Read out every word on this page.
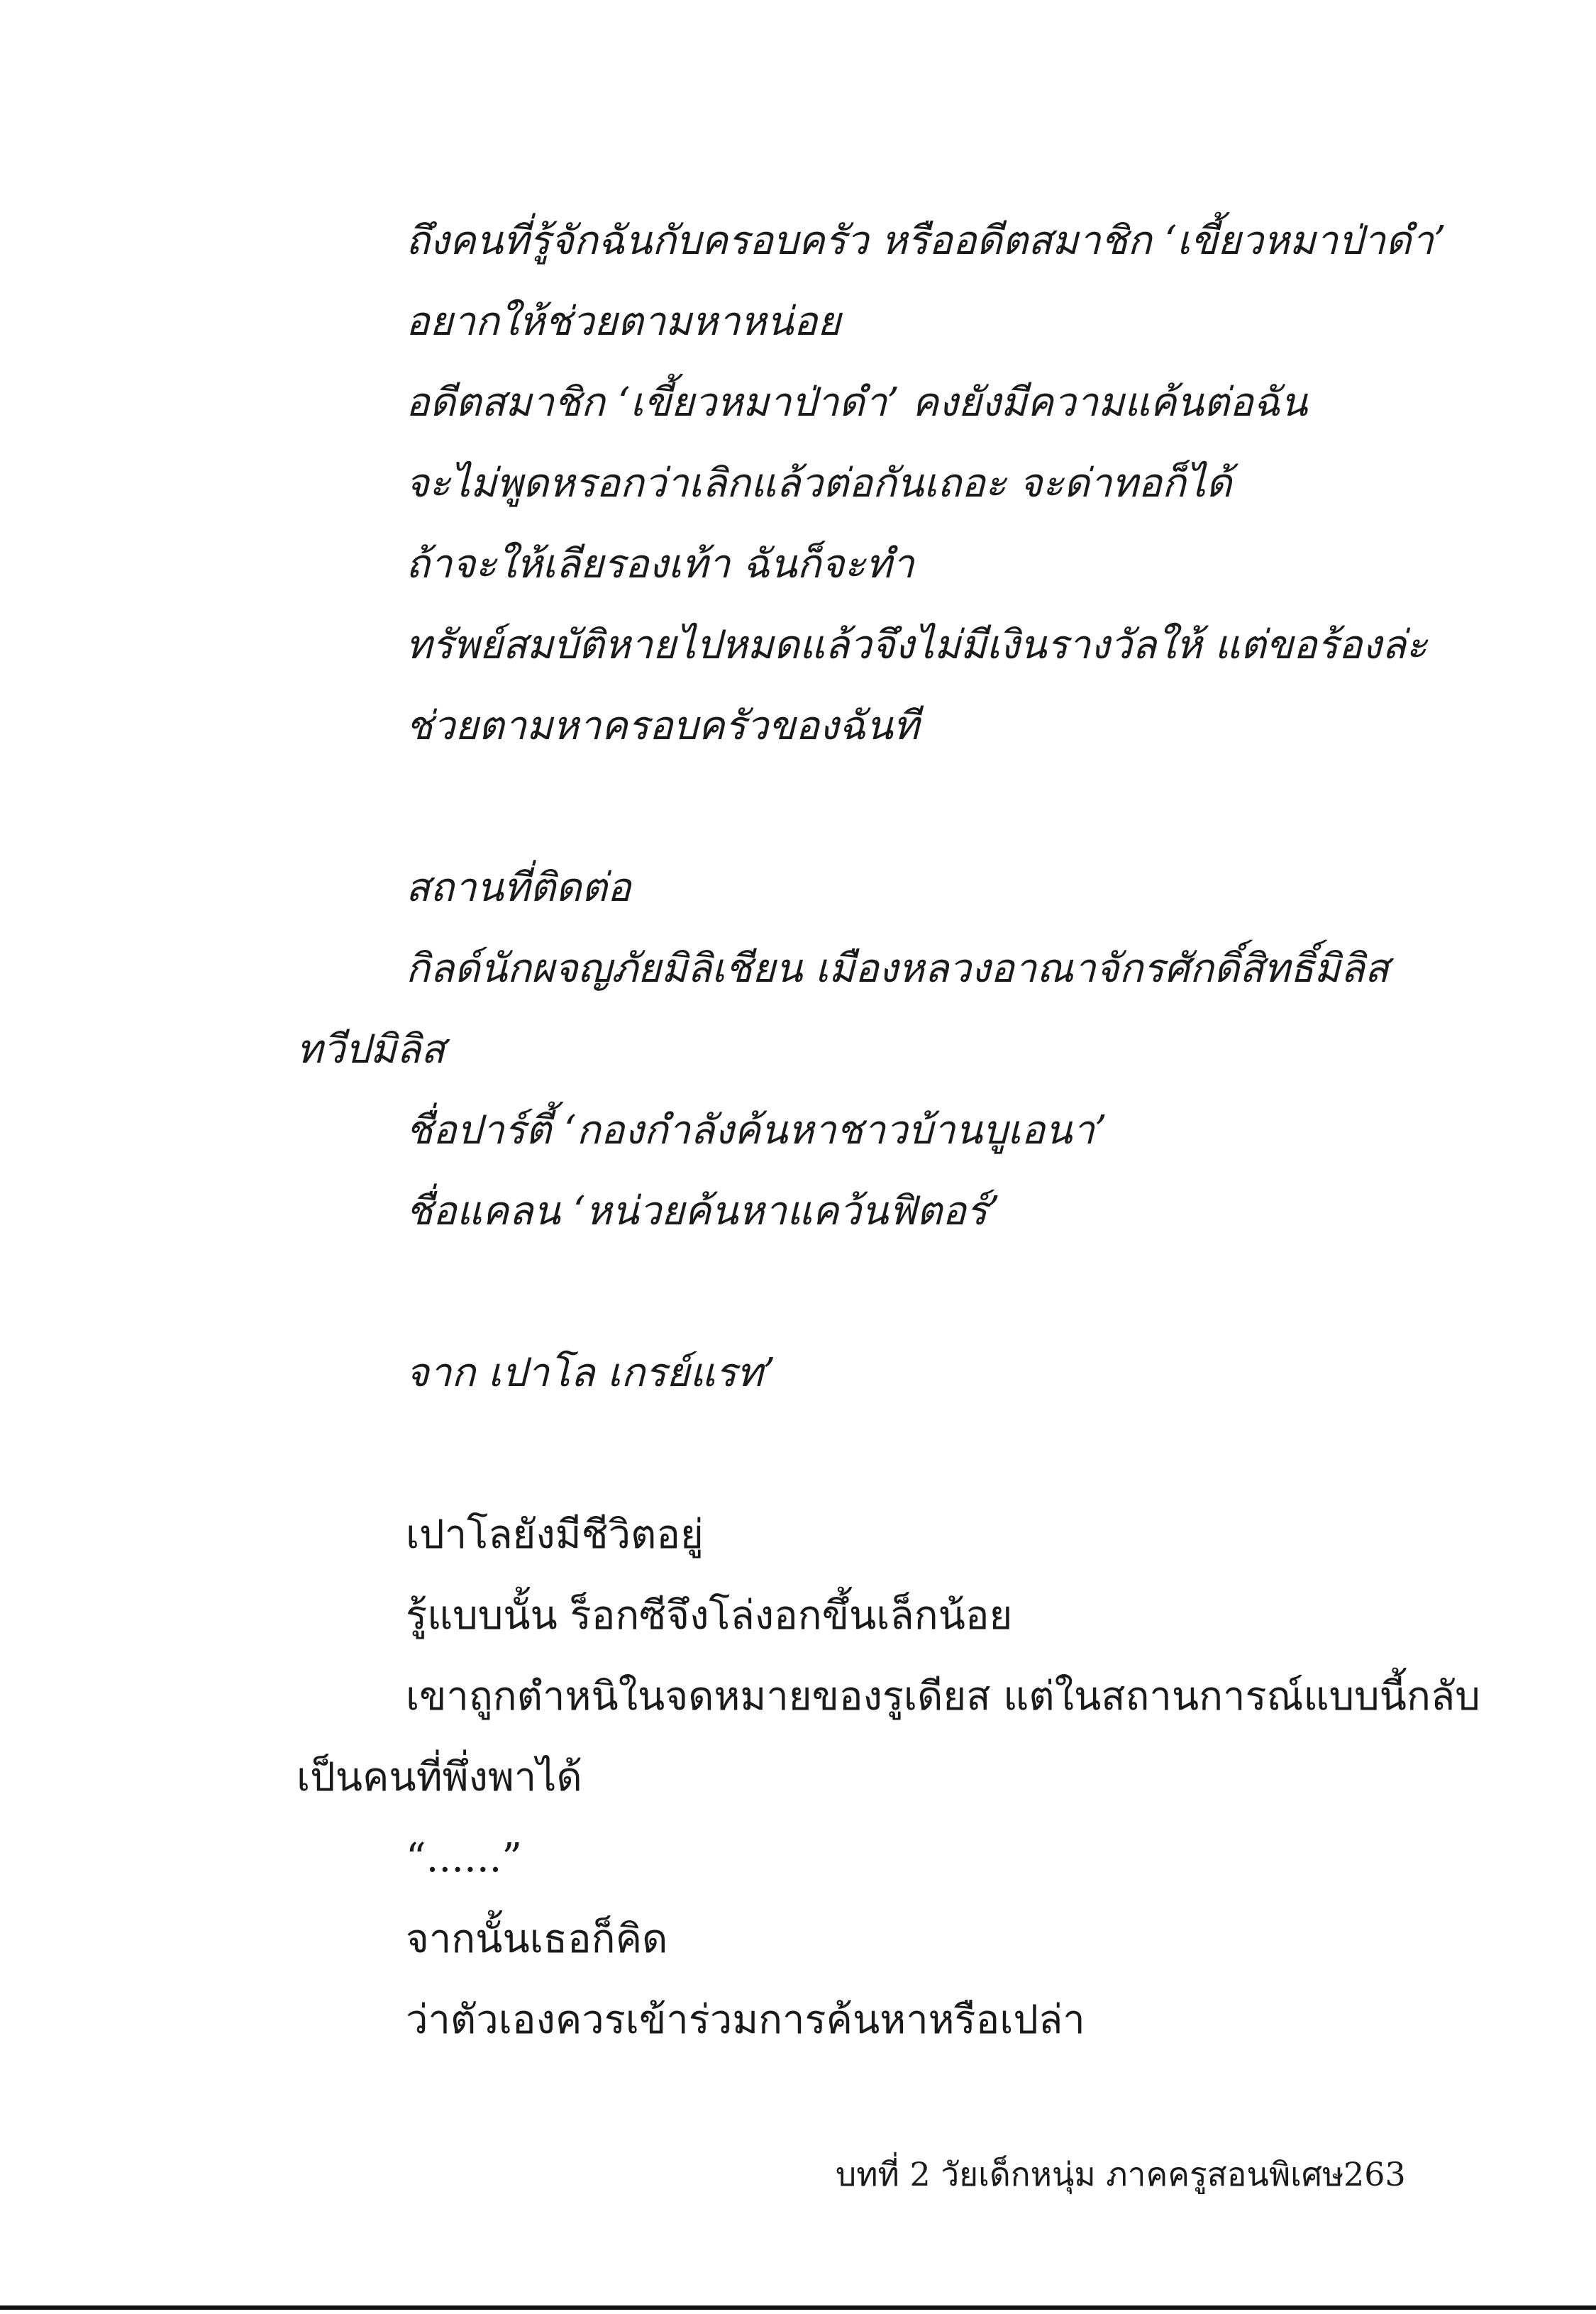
ถึงคนที่รู้จักฉันกับครอบครัว หรืออดีตสมาชิก ‘เขี้ยวหมาป่าดำ’
อยากให้ช่วยตามหาหน่อย
อดีตสมาชิก ‘เขี้ยวหมาป่าดำ’ คงยังมีความแค้นต่อฉัน
จะไม่พูดหรอกว่าเลิกแล้วต่อกันเถอะ จะด่าทอก็ได้
ถ้าจะให้เลียรองเท้า ฉันก็จะทำ
ทรัพย์สมบัติหายไปหมดแล้วจึงไม่มีเงินรางวัลให้ แต่ขอร้องล่ะ
ช่วยตามหาครอบครัวของฉันที
สถานที่ติดต่อ
กิลด์นักผจญภัยมิลิเชียน เมืองหลวงอาณาจักรศักดิ์สิทธิ์มิลิส
ทวีปมิลิส
ชื่อปาร์ตี้ ‘กองกำลังค้นหาชาวบ้านบูเอนา’
ชื่อแคลน ‘หน่วยค้นหาแคว้นฟิตอร์’
จาก เปาโล เกรย์แรท’
เปาโลยังมีชีวิตอยู่
รู้แบบนั้น ร็อกซีจึงโล่งอกขึ้นเล็กน้อย
เขาถูกตำหนิในจดหมายของรูเดียส แต่ในสถานการณ์แบบนี้กลับ
เป็นคนที่พึ่งพาได้
“......”
จากนั้นเธอก็คิด
ว่าตัวเองควรเข้าร่วมการค้นหาหรือเปล่า
บทที่ 2 วัยเด็กหนุ่ม ภาคครูสอนพิเศษ 263
